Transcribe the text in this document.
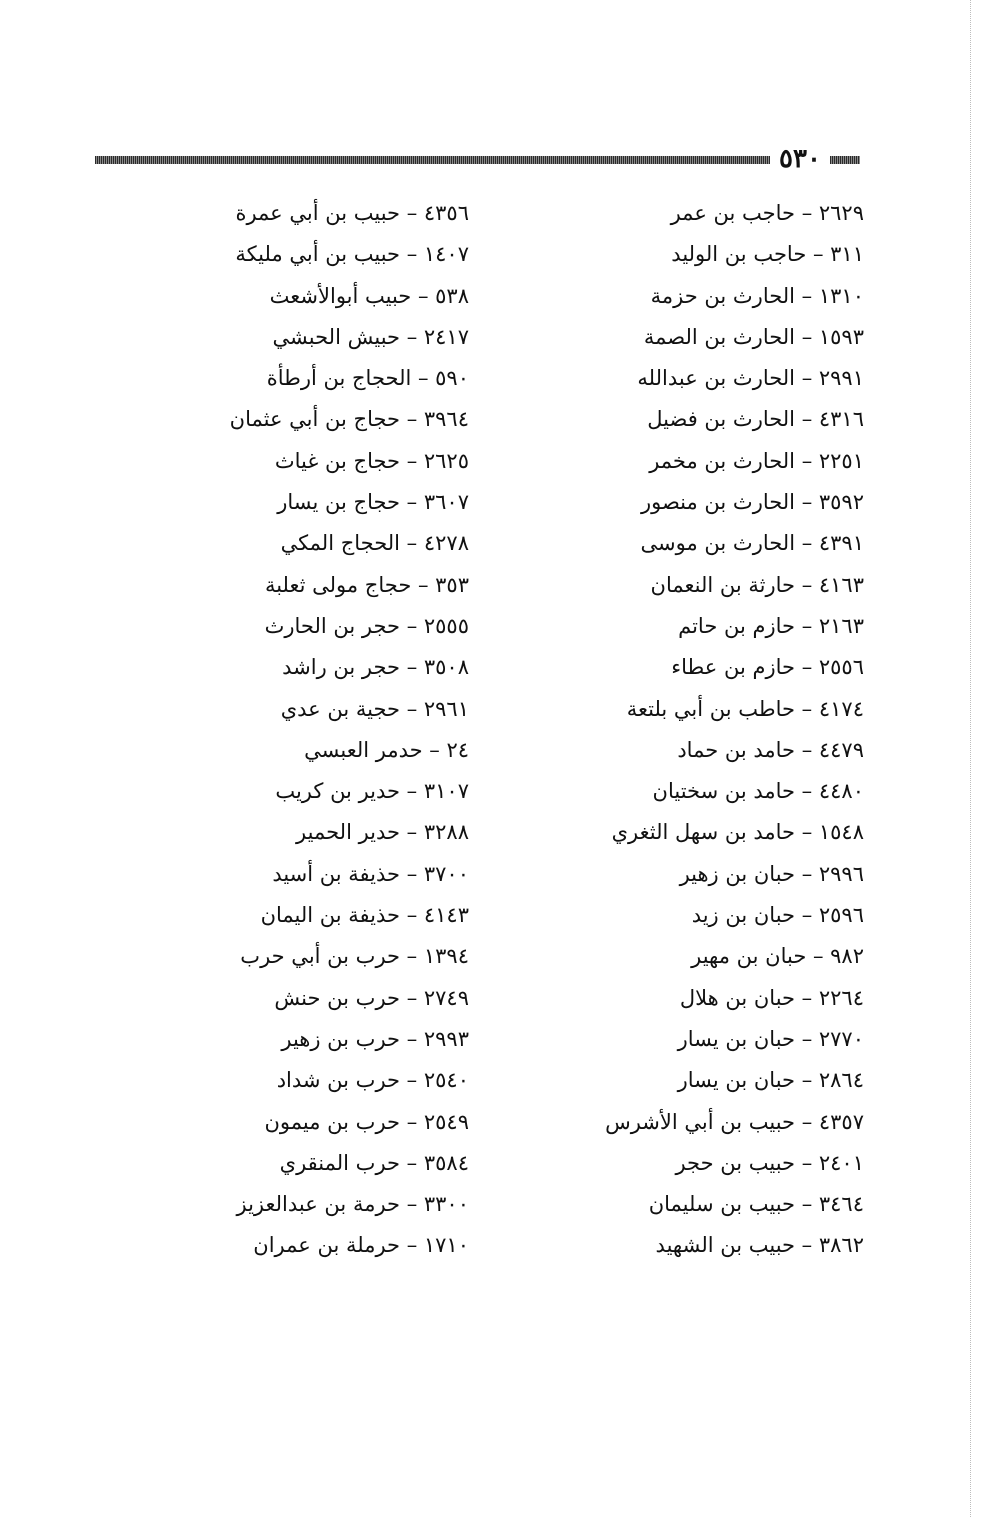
٥٣٠
٢٦٢٩ – حاجب بن عمر
٣١١ – حاجب بن الوليد
١٣١٠ – الحارث بن حزمة
١٥٩٣ – الحارث بن الصمة
٢٩٩١ – الحارث بن عبدالله
٤٣١٦ – الحارث بن فضيل
٢٢٥١ – الحارث بن مخمر
٣٥٩٢ – الحارث بن منصور
٤٣٩١ – الحارث بن موسى
٤١٦٣ – حارثة بن النعمان
٢١٦٣ – حازم بن حاتم
٢٥٥٦ – حازم بن عطاء
٤١٧٤ – حاطب بن أبي بلتعة
٤٤٧٩ – حامد بن حماد
٤٤٨٠ – حامد بن سختيان
١٥٤٨ – حامد بن سهل الثغري
٢٩٩٦ – حبان بن زهير
٢٥٩٦ – حبان بن زيد
٩٨٢ – حبان بن مهير
٢٢٦٤ – حبان بن هلال
٢٧٧٠ – حبان بن يسار
٢٨٦٤ – حبان بن يسار
٤٣٥٧ – حبيب بن أبي الأشرس
٢٤٠١ – حبيب بن حجر
٣٤٦٤ – حبيب بن سليمان
٣٨٦٢ – حبيب بن الشهيد
٤٣٥٦ – حبيب بن أبي عمرة
١٤٠٧ – حبيب بن أبي مليكة
٥٣٨ – حبيب أبوالأشعث
٢٤١٧ – حبيش الحبشي
٥٩٠ – الحجاج بن أرطأة
٣٩٦٤ – حجاج بن أبي عثمان
٢٦٢٥ – حجاج بن غياث
٣٦٠٧ – حجاج بن يسار
٤٢٧٨ – الحجاج المكي
٣٥٣ – حجاج مولى ثعلبة
٢٥٥٥ – حجر بن الحارث
٣٥٠٨ – حجر بن راشد
٢٩٦١ – حجية بن عدي
٢٤ – حدمر العبسي
٣١٠٧ – حدير بن كريب
٣٢٨٨ – حدير الحمير
٣٧٠٠ – حذيفة بن أسيد
٤١٤٣ – حذيفة بن اليمان
١٣٩٤ – حرب بن أبي حرب
٢٧٤٩ – حرب بن حنش
٢٩٩٣ – حرب بن زهير
٢٥٤٠ – حرب بن شداد
٢٥٤٩ – حرب بن ميمون
٣٥٨٤ – حرب المنقري
٣٣٠٠ – حرمة بن عبدالعزيز
١٧١٠ – حرملة بن عمران
